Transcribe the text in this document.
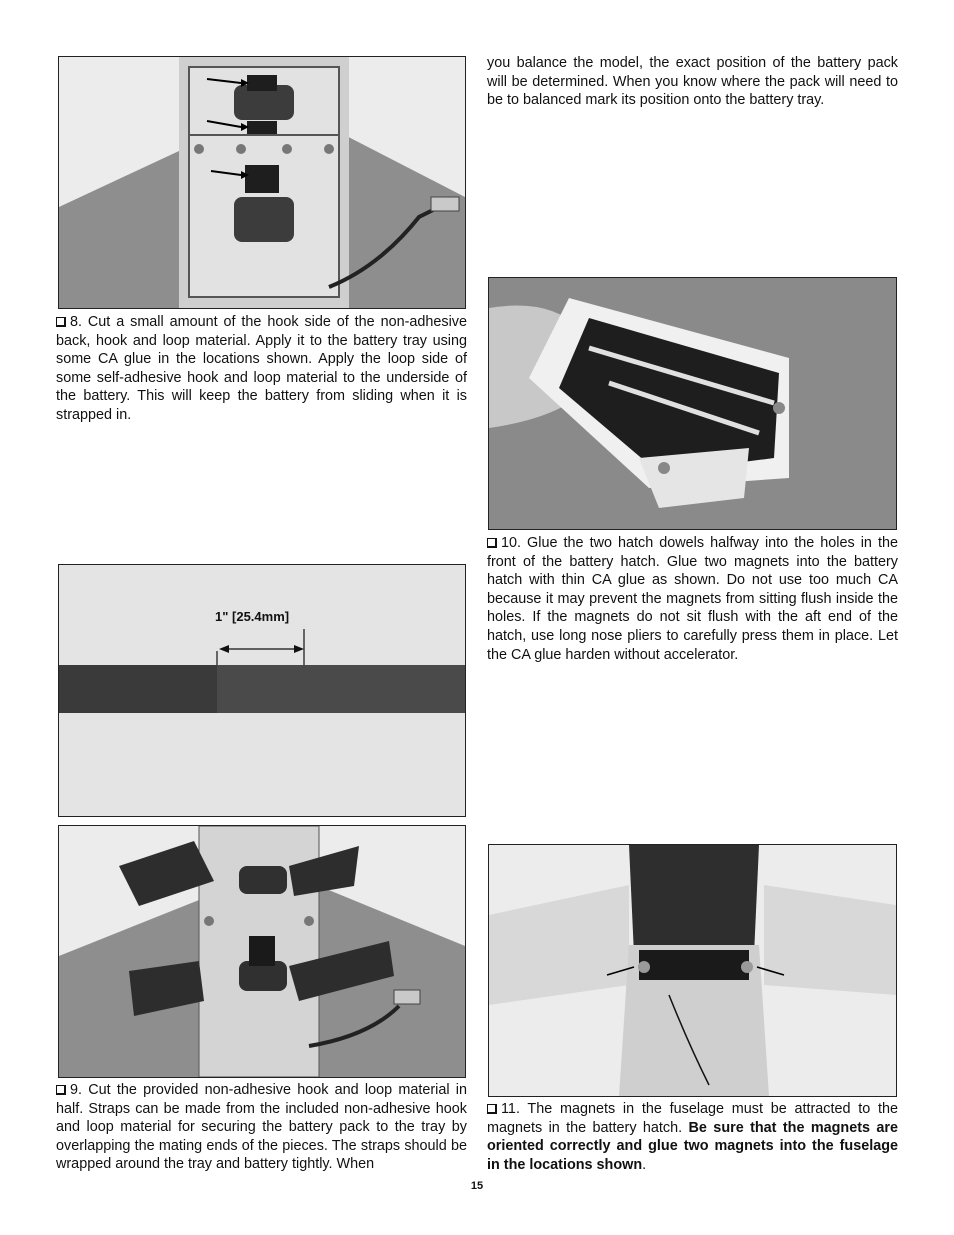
8. Cut a small amount of the hook side of the non-adhesive back, hook and loop material. Apply it to the battery tray using some CA glue in the locations shown. Apply the loop side of some self-adhesive hook and loop material to the underside of the battery. This will keep the battery from sliding when it is strapped in.
1" [25.4mm]
9. Cut the provided non-adhesive hook and loop material in half. Straps can be made from the included non-adhesive hook and loop material for securing the battery pack to the tray by overlapping the mating ends of the pieces. The straps should be wrapped around the tray and battery tightly. When
you balance the model, the exact position of the battery pack will be determined. When you know where the pack will need to be to balanced mark its position onto the battery tray.
10. Glue the two hatch dowels halfway into the holes in the front of the battery hatch. Glue two magnets into the battery hatch with thin CA glue as shown. Do not use too much CA because it may prevent the magnets from sitting flush inside the holes. If the magnets do not sit flush with the aft end of the hatch, use long nose pliers to carefully press them in place. Let the CA glue harden without accelerator.
11. The magnets in the fuselage must be attracted to the magnets in the battery hatch. Be sure that the magnets are oriented correctly and glue two magnets into the fuselage in the locations shown.
15
